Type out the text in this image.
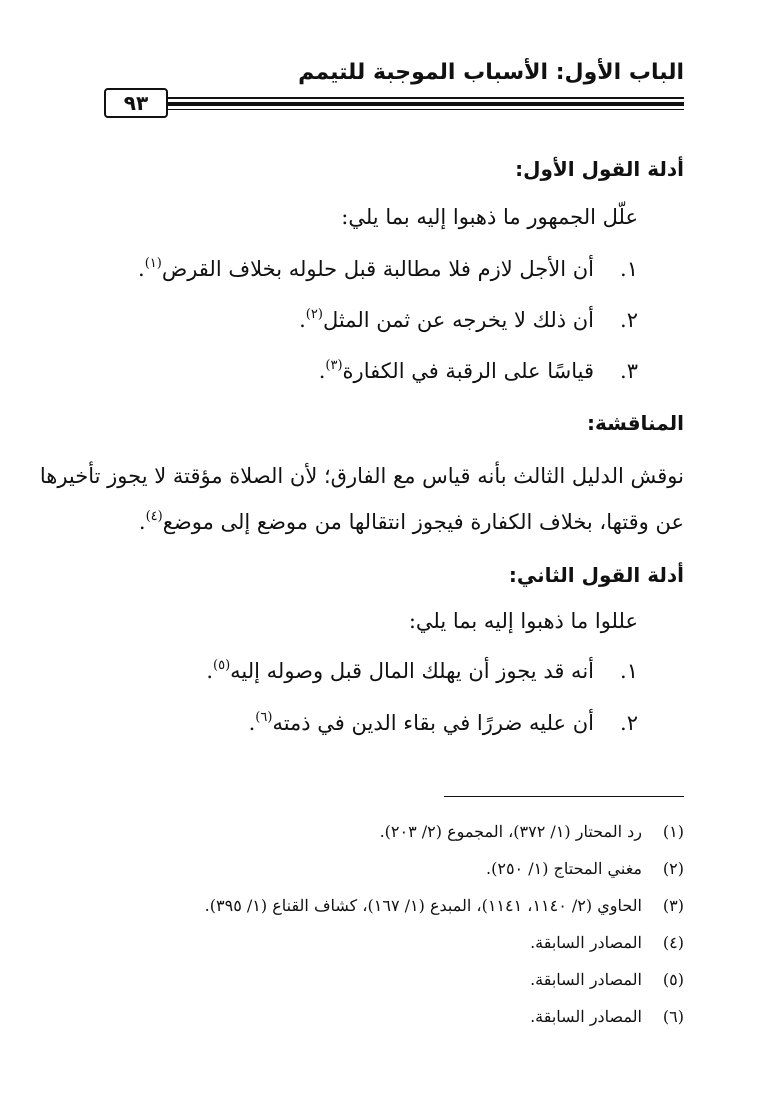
الباب الأول: الأسباب الموجبة للتيمم
٩٣
أدلة القول الأول:
علّل الجمهور ما ذهبوا إليه بما يلي:
١.أن الأجل لازم فلا مطالبة قبل حلوله بخلاف القرض$^{(١)}$.
٢.أن ذلك لا يخرجه عن ثمن المثل$^{(٢)}$.
٣.قياسًا على الرقبة في الكفارة$^{(٣)}$.
المناقشة:
نوقش الدليل الثالث بأنه قياس مع الفارق؛ لأن الصلاة مؤقتة لا يجوز تأخيرها
عن وقتها، بخلاف الكفارة فيجوز انتقالها من موضع إلى موضع$^{(٤)}$.
أدلة القول الثاني:
عللوا ما ذهبوا إليه بما يلي:
١.أنه قد يجوز أن يهلك المال قبل وصوله إليه$^{(٥)}$.
٢.أن عليه ضررًا في بقاء الدين في ذمته$^{(٦)}$.
(١)رد المحتار (١/ ٣٧٢)، المجموع (٢/ ٢٠٣).
(٢)مغني المحتاج (١/ ٢٥٠).
(٣)الحاوي (٢/ ١١٤٠، ١١٤١)، المبدع (١/ ١٦٧)، كشاف القناع (١/ ٣٩٥).
(٤)المصادر السابقة.
(٥)المصادر السابقة.
(٦)المصادر السابقة.
